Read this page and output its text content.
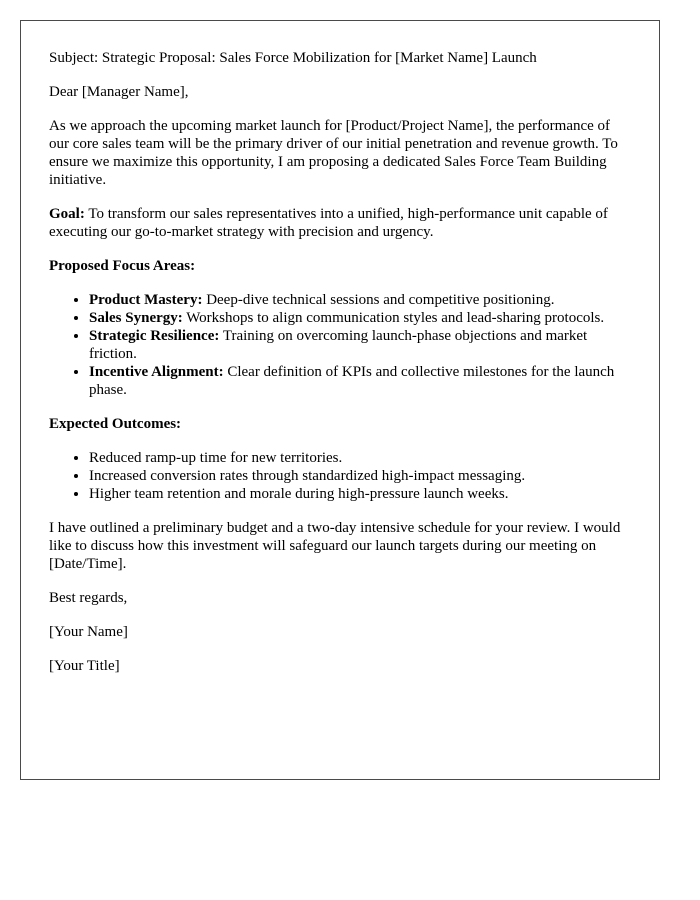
Subject: Strategic Proposal: Sales Force Mobilization for [Market Name] Launch

Dear [Manager Name],

As we approach the upcoming market launch for [Product/Project Name], the performance of our core sales team will be the primary driver of our initial penetration and revenue growth. To ensure we maximize this opportunity, I am proposing a dedicated Sales Force Team Building initiative.

Goal: To transform our sales representatives into a unified, high-performance unit capable of executing our go-to-market strategy with precision and urgency.

Proposed Focus Areas:

• Product Mastery: Deep-dive technical sessions and competitive positioning.
• Sales Synergy: Workshops to align communication styles and lead-sharing protocols.
• Strategic Resilience: Training on overcoming launch-phase objections and market friction.
• Incentive Alignment: Clear definition of KPIs and collective milestones for the launch phase.

Expected Outcomes:

• Reduced ramp-up time for new territories.
• Increased conversion rates through standardized high-impact messaging.
• Higher team retention and morale during high-pressure launch weeks.

I have outlined a preliminary budget and a two-day intensive schedule for your review. I would like to discuss how this investment will safeguard our launch targets during our meeting on [Date/Time].

Best regards,

[Your Name]

[Your Title]
